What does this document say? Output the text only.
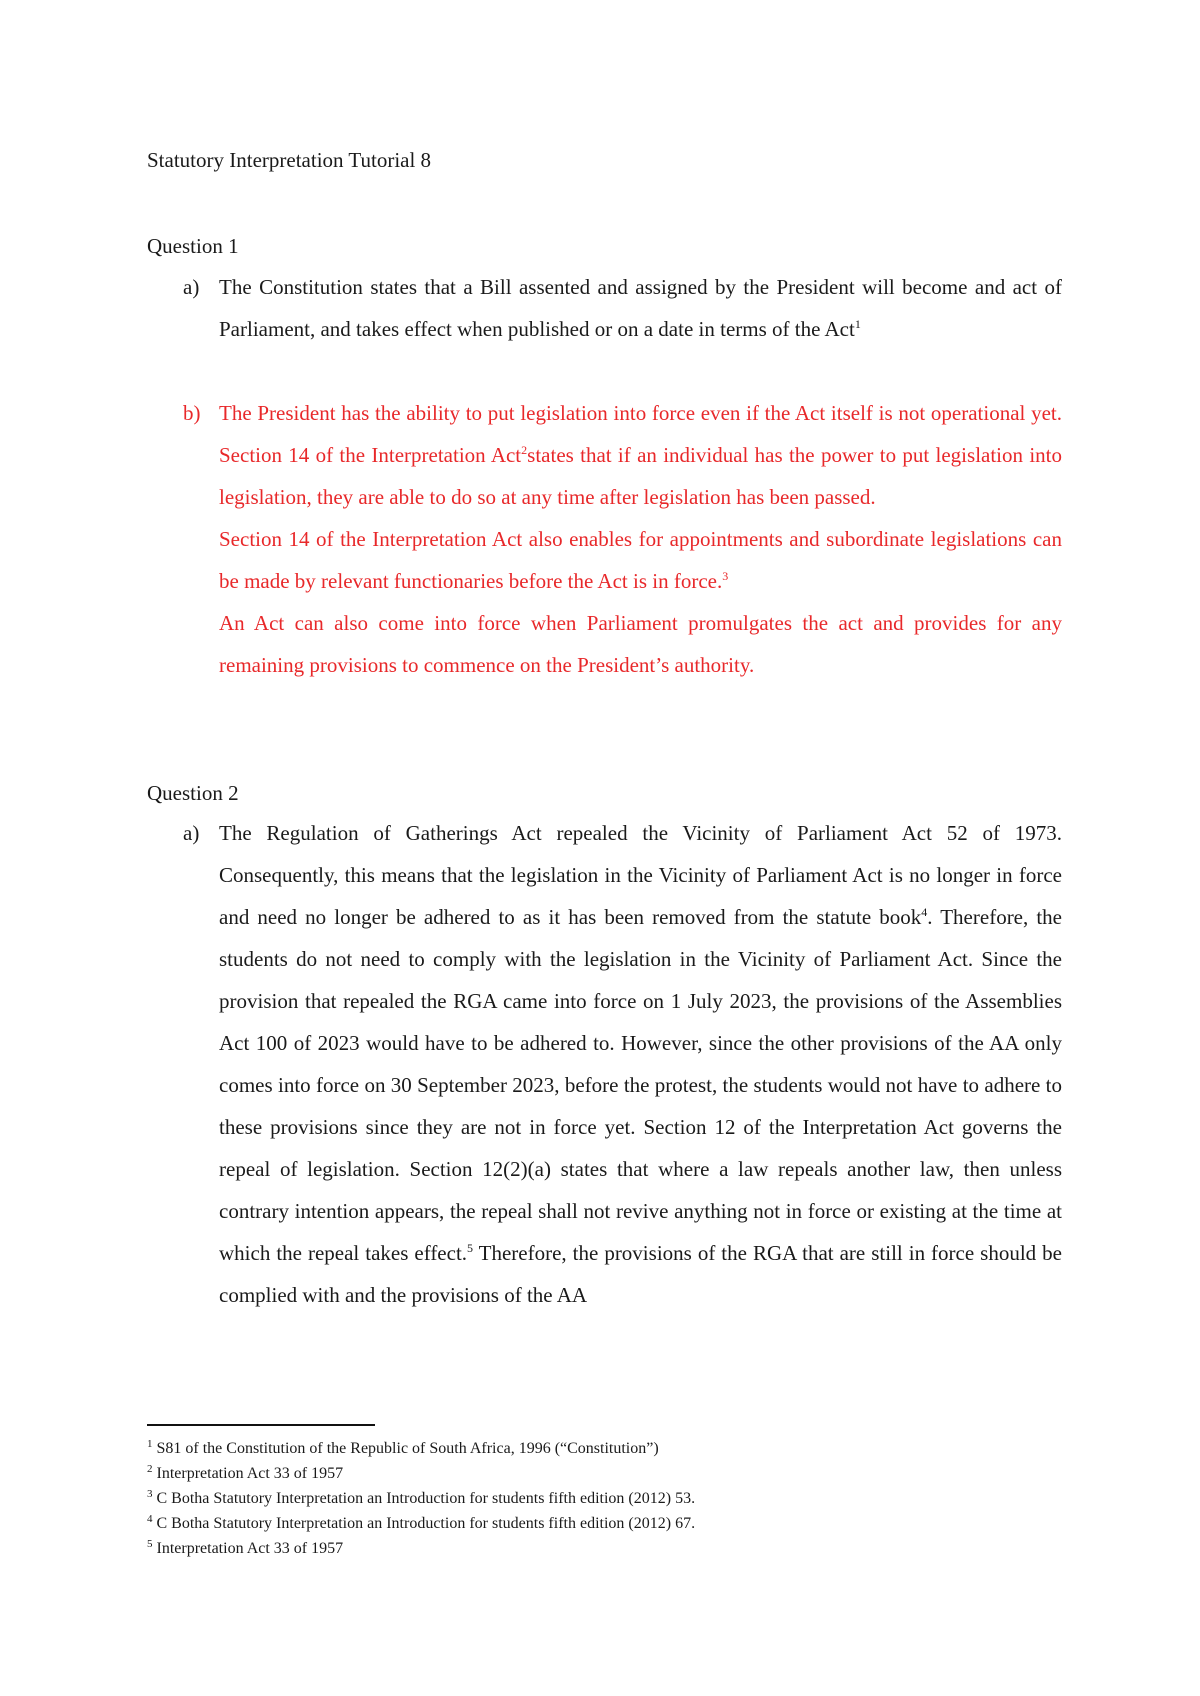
Statutory Interpretation Tutorial 8
Question 1
a) The Constitution states that a Bill assented and assigned by the President will become and act of Parliament, and takes effect when published or on a date in terms of the Act$^1$
b) The President has the ability to put legislation into force even if the Act itself is not operational yet. Section 14 of the Interpretation Act$^2$states that if an individual has the power to put legislation into legislation, they are able to do so at any time after legislation has been passed.
Section 14 of the Interpretation Act also enables for appointments and subordinate legislations can be made by relevant functionaries before the Act is in force.$^3$
An Act can also come into force when Parliament promulgates the act and provides for any remaining provisions to commence on the President’s authority.
Question 2
a) The Regulation of Gatherings Act repealed the Vicinity of Parliament Act 52 of 1973. Consequently, this means that the legislation in the Vicinity of Parliament Act is no longer in force and need no longer be adhered to as it has been removed from the statute book$^4$. Therefore, the students do not need to comply with the legislation in the Vicinity of Parliament Act. Since the provision that repealed the RGA came into force on 1 July 2023, the provisions of the Assemblies Act 100 of 2023 would have to be adhered to. However, since the other provisions of the AA only comes into force on 30 September 2023, before the protest, the students would not have to adhere to these provisions since they are not in force yet. Section 12 of the Interpretation Act governs the repeal of legislation. Section 12(2)(a) states that where a law repeals another law, then unless contrary intention appears, the repeal shall not revive anything not in force or existing at the time at which the repeal takes effect.$^5$ Therefore, the provisions of the RGA that are still in force should be complied with and the provisions of the AA
$^1$ S81 of the Constitution of the Republic of South Africa, 1996 (“Constitution”)
$^2$ Interpretation Act 33 of 1957
$^3$ C Botha Statutory Interpretation an Introduction for students fifth edition (2012) 53.
$^4$ C Botha Statutory Interpretation an Introduction for students fifth edition (2012) 67.
$^5$ Interpretation Act 33 of 1957
